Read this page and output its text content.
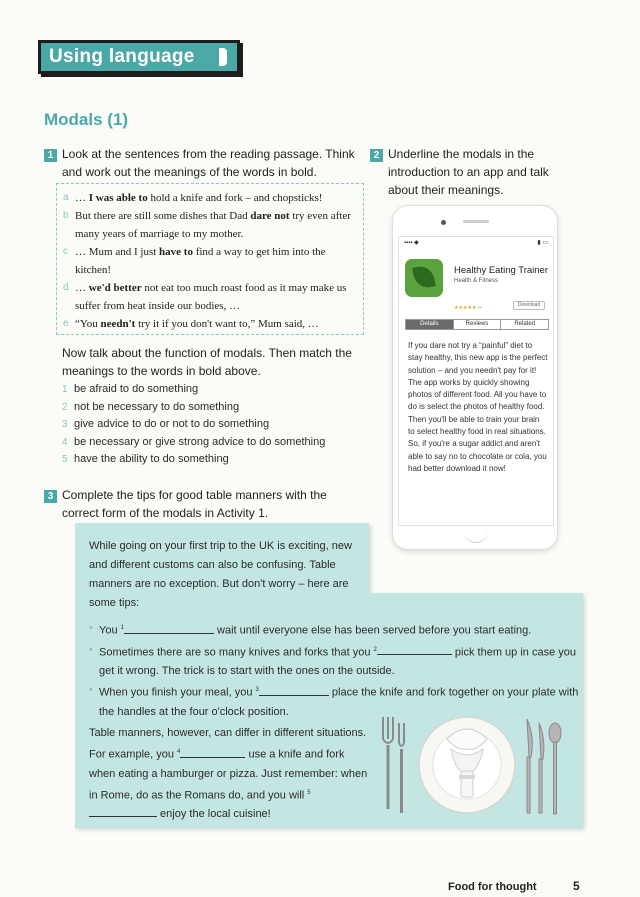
Using language
Modals (1)
1 Look at the sentences from the reading passage. Think and work out the meanings of the words in bold.
a … I was able to hold a knife and fork – and chopsticks!
b But there are still some dishes that Dad dare not try even after many years of marriage to my mother.
c … Mum and I just have to find a way to get him into the kitchen!
d … we'd better not eat too much roast food as it may make us suffer from heat inside our bodies, …
e “You needn't try it if you don't want to,” Mum said, …
Now talk about the function of modals. Then match the meanings to the words in bold above.
1 be afraid to do something
2 not be necessary to do something
3 give advice to do or not to do something
4 be necessary or give strong advice to do something
5 have the ability to do something
2 Underline the modals in the introduction to an app and talk about their meanings.
▪▪▪▪ ◆	▮ ▭
Healthy Eating Trainer
Health & Fitness
★★★★★ ▪▪	Download
Details	Reviews	Related
If you dare not try a “painful” diet to stay healthy, this new app is the perfect solution – and you needn't pay for it! The app works by quickly showing photos of different food. All you have to do is select the photos of healthy food. Then you'll be able to train your brain to select healthy food in real situations. So, if you're a sugar addict and aren't able to say no to chocolate or cola, you had better download it now!
3 Complete the tips for good table manners with the correct form of the modals in Activity 1.
While going on your first trip to the UK is exciting, new and different customs can also be confusing. Table manners are no exception. But don't worry – here are some tips:
• You $^1$	wait until everyone else has been served before you start eating.
• Sometimes there are so many knives and forks that you $^2$	pick them up in case you get it wrong. The trick is to start with the ones on the outside.
• When you finish your meal, you $^3$	place the knife and fork together on your plate with the handles at the four o'clock position.
Table manners, however, can differ in different situations. For example, you $^4$	use a knife and fork when eating a hamburger or pizza. Just remember: when in Rome, do as the Romans do, and you will $^5$ enjoy the local cuisine!
Food for thought	5
